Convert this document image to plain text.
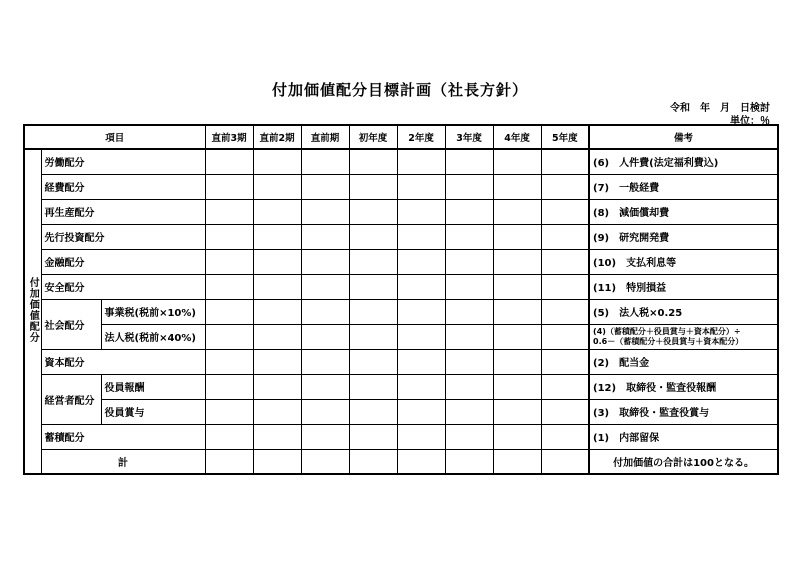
付加価値配分目標計画（社長方針）
令和　年　月　日検討
単位：％
項目			直前3期	直前2期	直前期	初年度	2年度	3年度	4年度	5年度	備考
付加価値配分	労働配分										(6)　人件費(法定福利費込)
	経費配分										(7)　一般経費
	再生産配分										(8)　減価償却費
	先行投資配分										(9)　研究開発費
	金融配分										(10)　支払利息等
	安全配分										(11)　特別損益
	社会配分	事業税(税前×10%)									(5)　法人税×0.25
		法人税(税前×40%)									(4)（蓄積配分＋役員賞与＋資本配分）÷
0.6－（蓄積配分＋役員賞与＋資本配分）

	資本配分										(2)　配当金
	経営者配分	役員報酬									(12)　取締役・監査役報酬
		役員賞与									(3)　取締役・監査役賞与
	蓄積配分										(1)　内部留保
	計										付加価値の合計は100となる。
